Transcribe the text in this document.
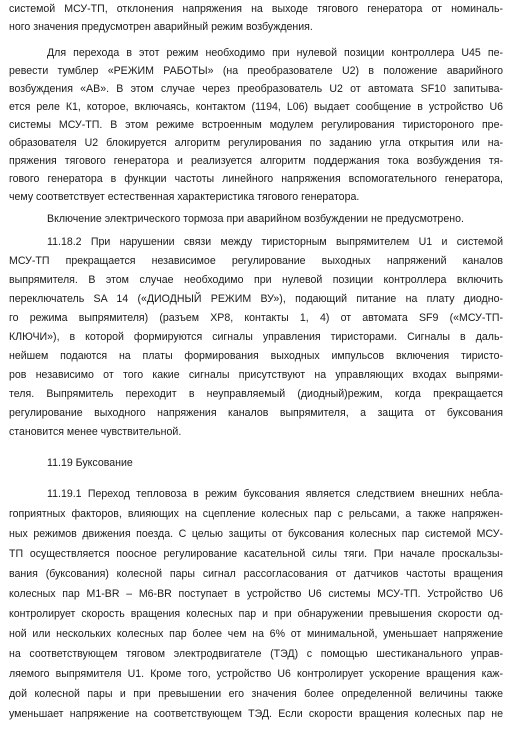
системой МСУ-ТП, отклонения напряжения на выходе тягового генератора от номиналь-
ного значения предусмотрен аварийный режим возбуждения.
Для перехода в этот режим необходимо при нулевой позиции контроллера U45 пе-
ревести тумблер «РЕЖИМ РАБОТЫ» (на преобразователе U2) в положение аварийного
возбуждения «АВ». В этом случае через преобразователь U2 от автомата SF10 запитыва-
ется реле К1, которое, включаясь, контактом (1194, L06) выдает сообщение в устройство U6
системы МСУ-ТП. В этом режиме встроенным модулем регулирования тиристороного пре-
образователя U2 блокируется алгоритм регулирования по заданию угла открытия или на-
пряжения тягового генератора и реализуется алгоритм поддержания тока возбуждения тя-
гового генератора в функции частоты линейного напряжения вспомогательного генератора,
чему соответствует естественная характеристика тягового генератора.
Включение электрического тормоза при аварийном возбуждении не предусмотрено.
11.18.2 При нарушении связи между тиристорным выпрямителем U1 и системой
МСУ-ТП прекращается независимое регулирование выходных напряжений каналов
выпрямителя. В этом случае необходимо при нулевой позиции контроллера включить
переключатель SA 14 («ДИОДНЫЙ РЕЖИМ ВУ»), подающий питание на плату диодно-
го режима выпрямителя) (разъем ХР8, контакты 1, 4) от автомата SF9 («МСУ-ТП-
КЛЮЧИ»), в которой формируются сигналы управления тиристорами. Сигналы в даль-
нейшем подаются на платы формирования выходных импульсов включения тиристо-
ров независимо от того какие сигналы присутствуют на управляющих входах выпрями-
теля. Выпрямитель переходит в неуправляемый (диодный)режим, когда прекращается
регулирование выходного напряжения каналов выпрямителя, а защита от буксования
становится менее чувствительной.
11.19 Буксование
11.19.1 Переход тепловоза в режим буксования является следствием внешних небла-
гоприятных факторов, влияющих на сцепление колесных пар с рельсами, а также напряжен-
ных режимов движения поезда. С целью защиты от буксования колесных пар системой МСУ-
ТП осуществляется поосное регулирование касательной силы тяги. При начале проскальзы-
вания (буксования) колесной пары сигнал рассогласования от датчиков частоты вращения
колесных пар М1-BR – М6-BR поступает в устройство U6 системы МСУ-ТП. Устройство U6
контролирует скорость вращения колесных пар и при обнаружении превышения скорости од-
ной или нескольких колесных пар более чем на 6% от минимальной, уменьшает напряжение
на соответствующем тяговом электродвигателе (ТЭД) с помощью шестиканального управ-
ляемого выпрямителя U1. Кроме того, устройство U6 контролирует ускорение вращения каж-
дой колесной пары и при превышении его значения более определенной величины также
уменьшает напряжение на соответствующем ТЭД. Если скорости вращения колесных пар не
